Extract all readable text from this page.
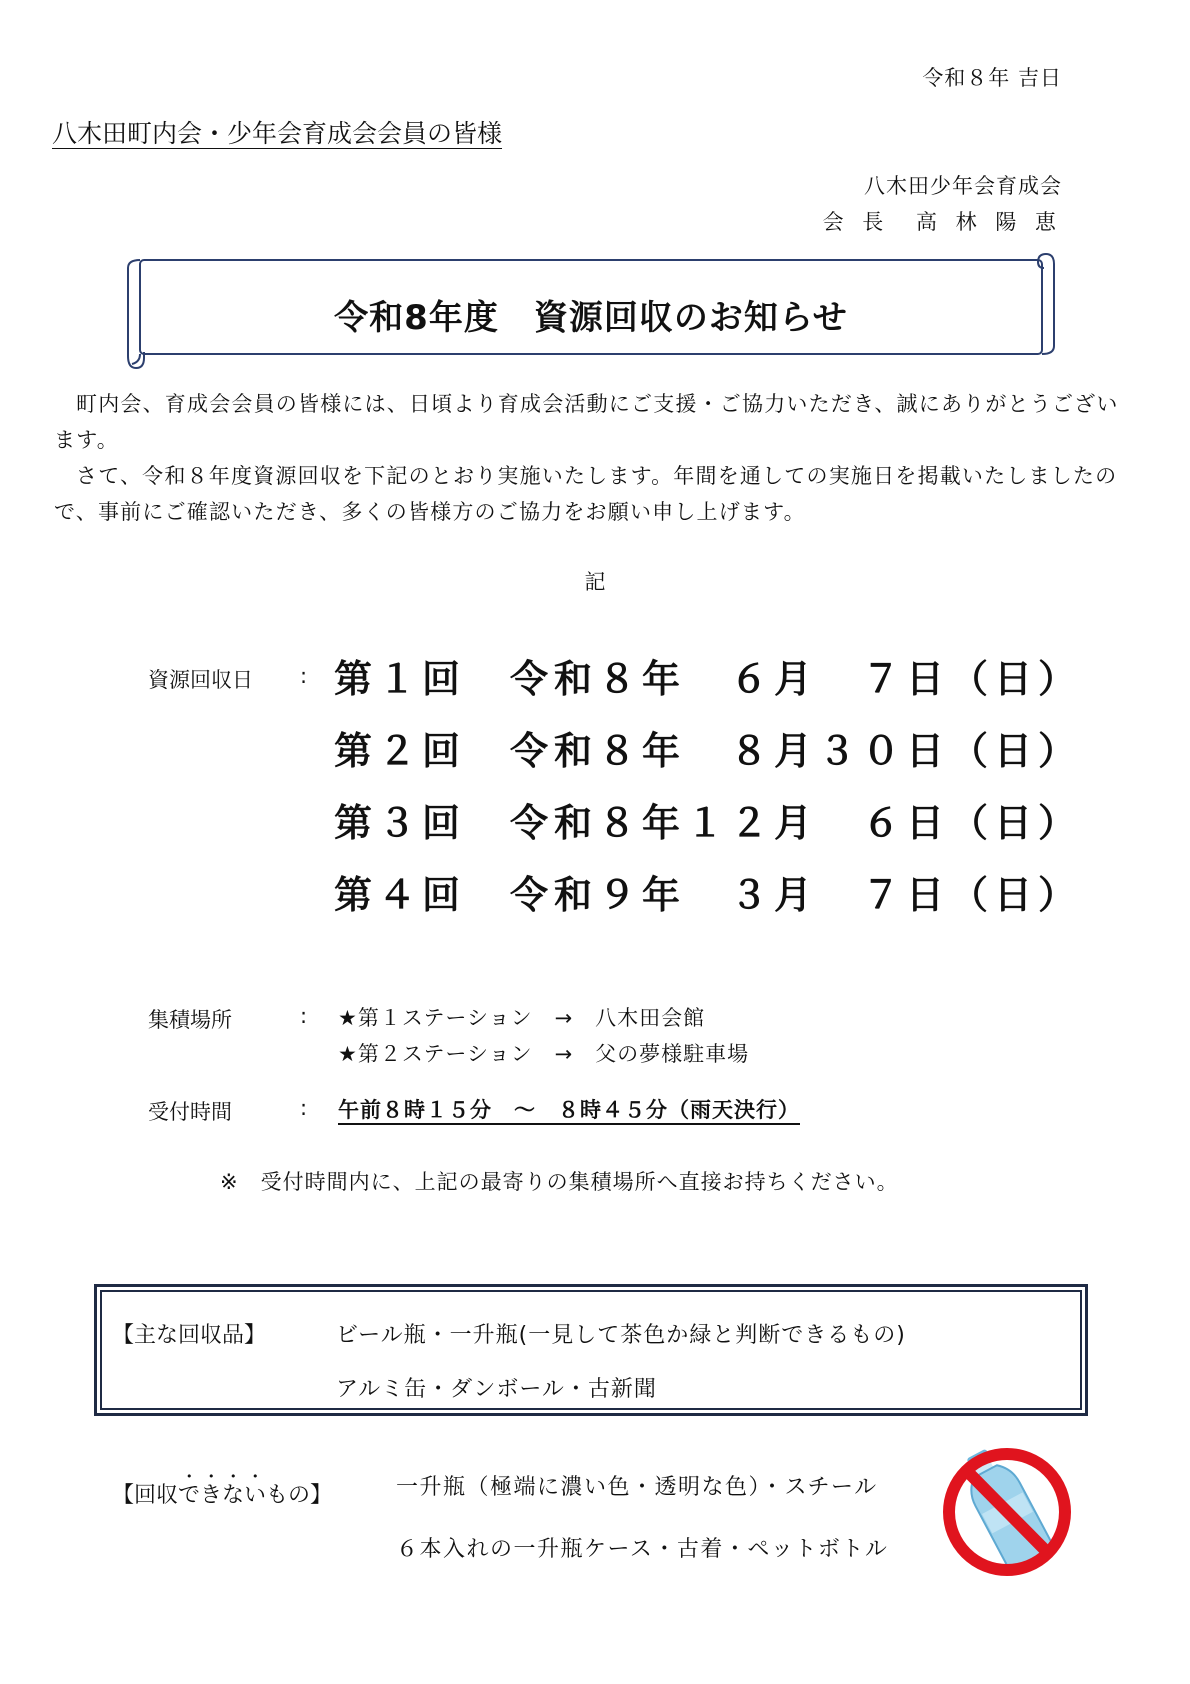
令和８年 吉日
八木田町内会・少年会育成会会員の皆様
八木田少年会育成会
会 長 高 林 陽 恵
令和8年度　資源回収のお知らせ

町内会、育成会会員の皆様には、日頃より育成会活動にご支援・ご協力いただき、誠にありがとうございます。

さて、令和８年度資源回収を下記のとおり実施いたします。年間を通しての実施日を掲載いたしましたので、事前にご確認いただき、多くの皆様方のご協力をお願い申し上げます。

記
資源回収日 : 第１回　令和８年　６月　７日（日）
第２回　令和８年　８月３０日（日）
第３回　令和８年１２月　６日（日）
第４回　令和９年　３月　７日（日）
集積場所	: ★第１ステーション　→　八木田会館
★第２ステーション　→　父の夢様駐車場
受付時間	: 午前８時１５分　～　８時４５分（雨天決行）
※　受付時間内に、上記の最寄りの集積場所へ直接お持ちください。
【主な回収品】	ビール瓶・一升瓶(一見して茶色か緑と判断できるもの)
アルミ缶・ダンボール・古新聞
【回収できないもの】	一升瓶（極端に濃い色・透明な色）・スチール
６本入れの一升瓶ケース・古着・ペットボトル
